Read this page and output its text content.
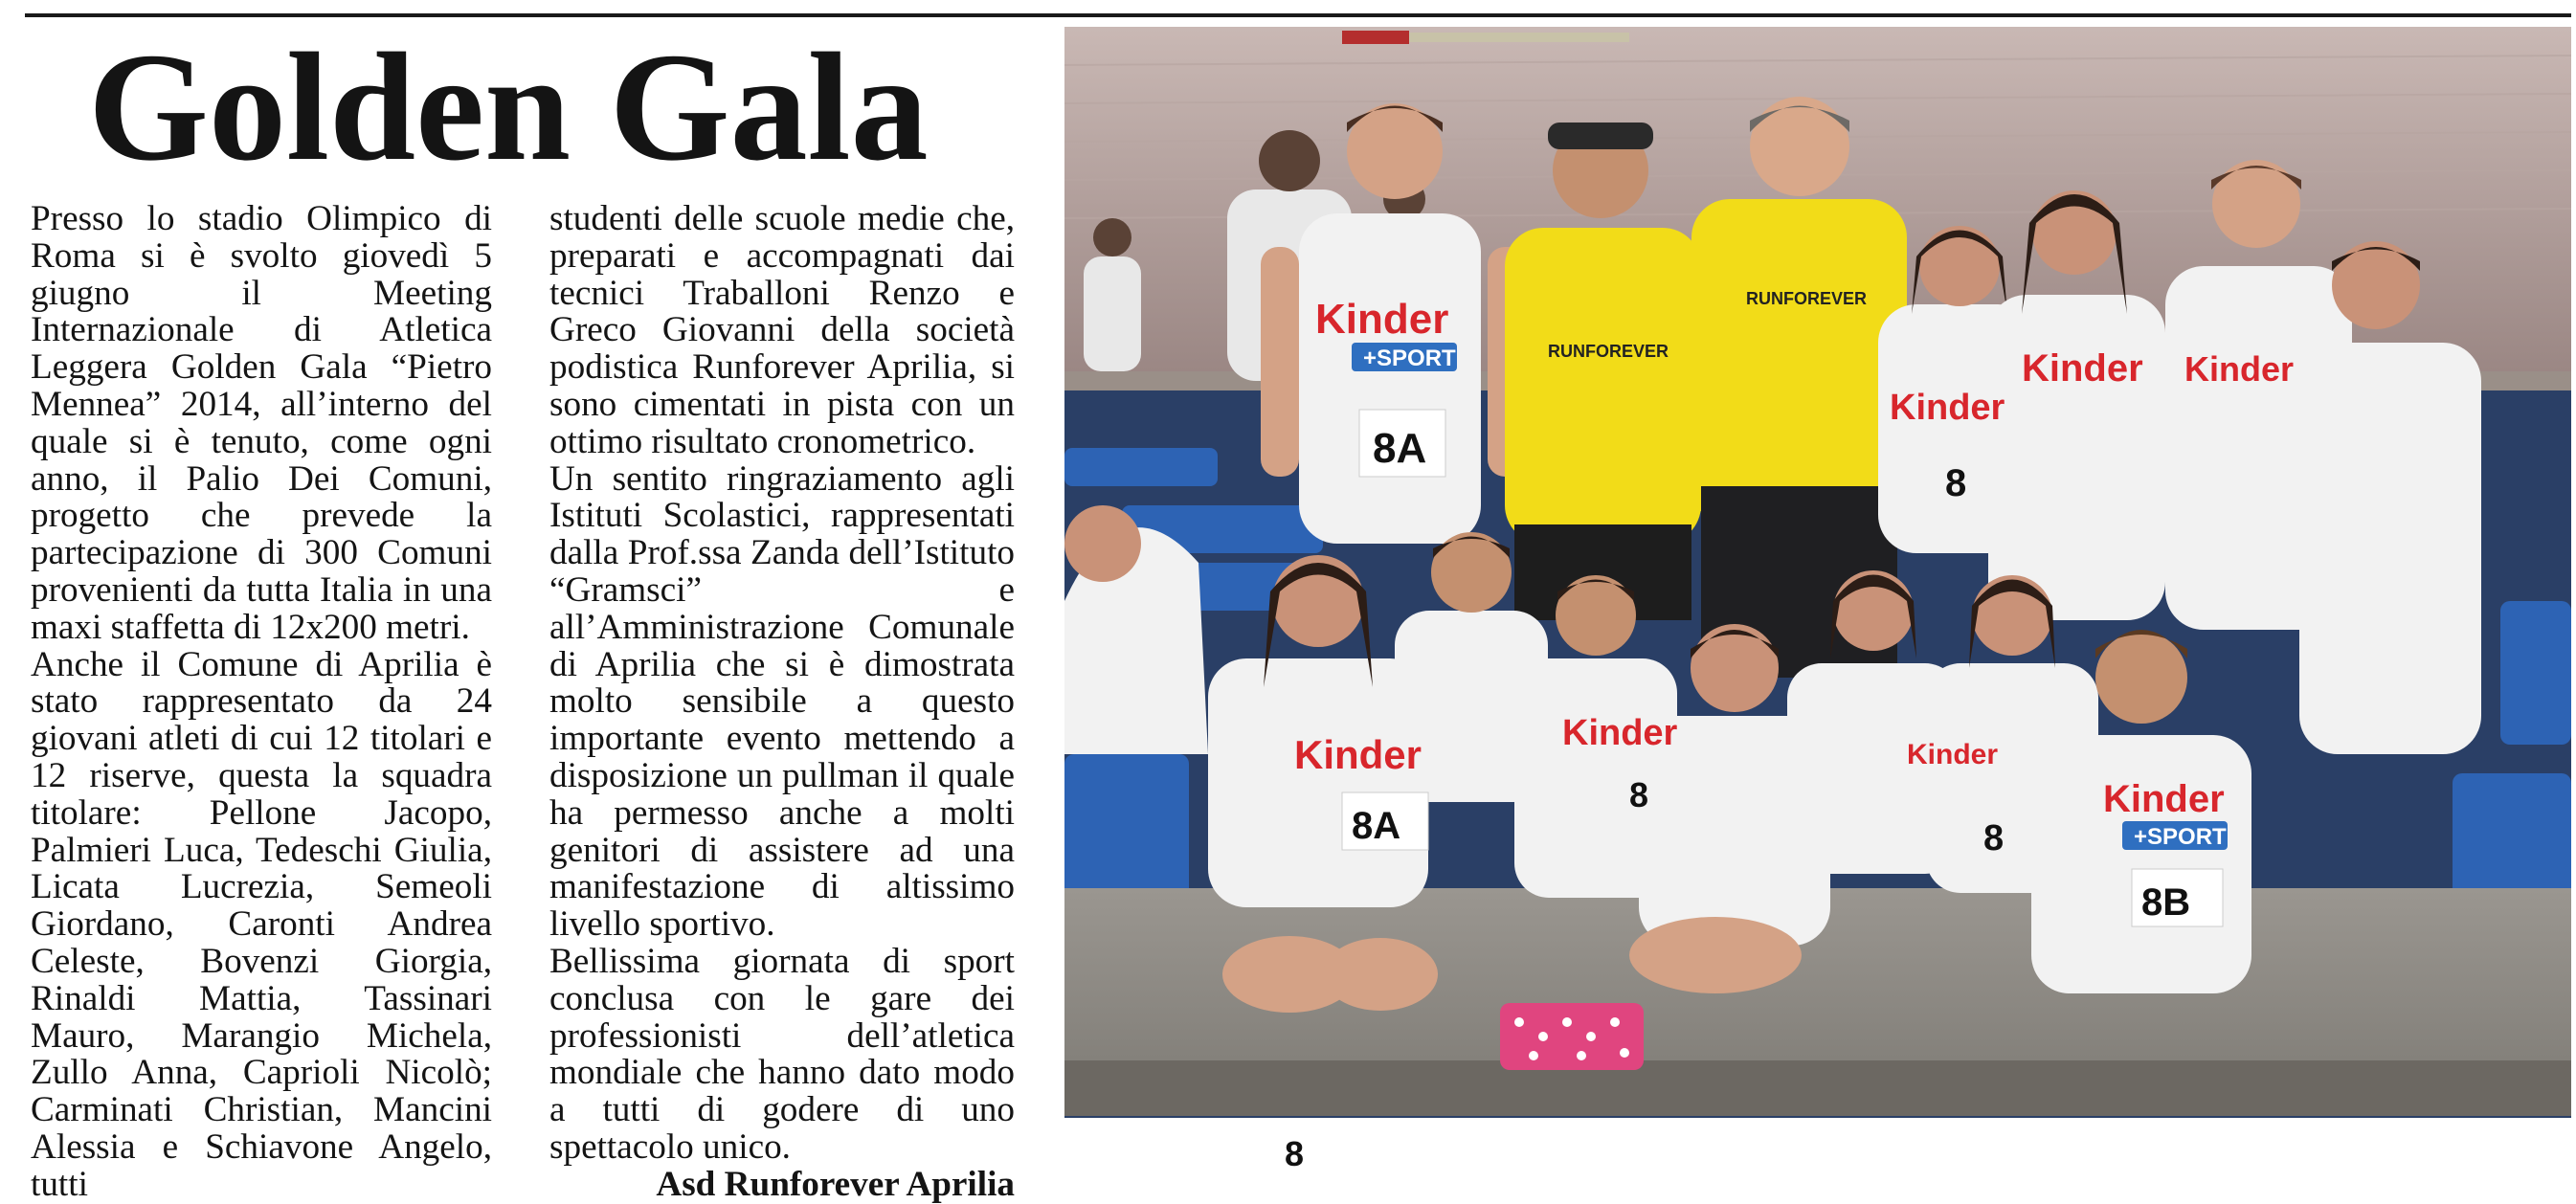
Golden Gala

Presso lo stadio Olimpico di Roma si è svolto giovedì 5 giugno il Meeting Internazionale di Atletica Leggera Golden Gala “Pietro Mennea” 2014, all’interno del quale si è tenuto, come ogni anno, il Palio Dei Comuni, progetto che prevede la partecipazione di 300 Comuni provenienti da tutta Italia in una maxi staffetta di 12x200 metri.

Anche il Comune di Aprilia è stato rappresentato da 24 giovani atleti di cui 12 titolari e 12 riserve, questa la squadra titolare: Pellone Jacopo, Palmieri Luca, Tedeschi Giulia, Licata Lucrezia, Semeoli Giordano, Caronti Andrea Celeste, Bovenzi Giorgia, Rinaldi Mattia, Tassinari Mauro, Marangio Michela, Zullo Anna, Caprioli Nicolò; Carminati Christian, Mancini Alessia e Schiavone Angelo, tutti

studenti delle scuole medie che, preparati e accompagnati dai tecnici Traballoni Renzo e Greco Giovanni della società podistica Runforever Aprilia, si sono cimentati in pista con un ottimo risultato cronometrico.

Un sentito ringraziamento agli Istituti Scolastici, rappresentati dalla Prof.ssa Zanda dell’Istituto “Gramsci” e all’Amministrazione Comunale di Aprilia che si è dimostrata molto sensibile a questo importante evento mettendo a disposizione un pullman il quale ha permesso anche a molti genitori di assistere ad una manifestazione di altissimo livello sportivo.

Bellissima giornata di sport conclusa con le gare dei professionisti dell’atletica mondiale che hanno dato modo a tutti di godere di uno spettacolo unico.

Asd Runforever Aprilia

Kinder
Kinder
Kinder Kinder
Kinder	Kinder
Kinder
Kinder
+SPORT
+SPORT
RUNFOREVER
RUNFOREVER
8A
8A
8
8
8B
8
8
